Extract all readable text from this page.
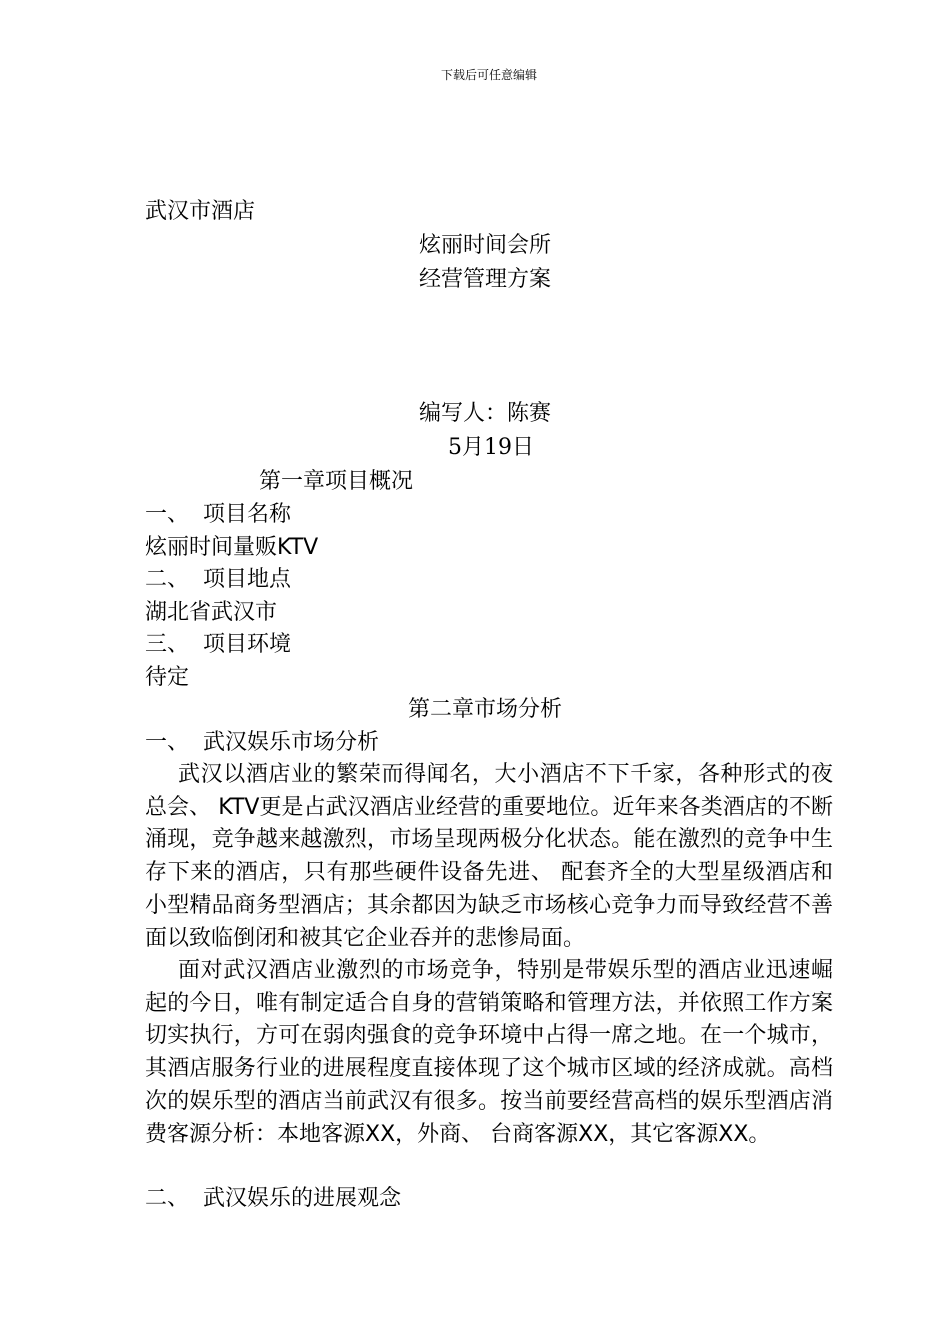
下载后可任意编辑
武汉市酒店
炫丽时间会所
经营管理方案
编写人：陈赛
5月19日
第一章项目概况
一、 项目名称
炫丽时间量贩KTV
二、 项目地点
湖北省武汉市
三、 项目环境
待定
第二章市场分析
一、 武汉娱乐市场分析
武汉以酒店业的繁荣而得闻名，大小酒店不下千家，各种形式的夜总会、 KTV更是占武汉酒店业经营的重要地位。近年来各类酒店的不断涌现，竞争越来越激烈，市场呈现两极分化状态。能在激烈的竞争中生存下来的酒店，只有那些硬件设备先进、 配套齐全的大型星级酒店和小型精品商务型酒店；其余都因为缺乏市场核心竞争力而导致经营不善面以致临倒闭和被其它企业吞并的悲惨局面。
面对武汉酒店业激烈的市场竞争，特别是带娱乐型的酒店业迅速崛起的今日，唯有制定适合自身的营销策略和管理方法，并依照工作方案切实执行，方可在弱肉强食的竞争环境中占得一席之地。在一个城市，其酒店服务行业的进展程度直接体现了这个城市区域的经济成就。高档次的娱乐型的酒店当前武汉有很多。按当前要经营高档的娱乐型酒店消费客源分析：本地客源XX，外商、 台商客源XX，其它客源XX。
二、 武汉娱乐的进展观念
